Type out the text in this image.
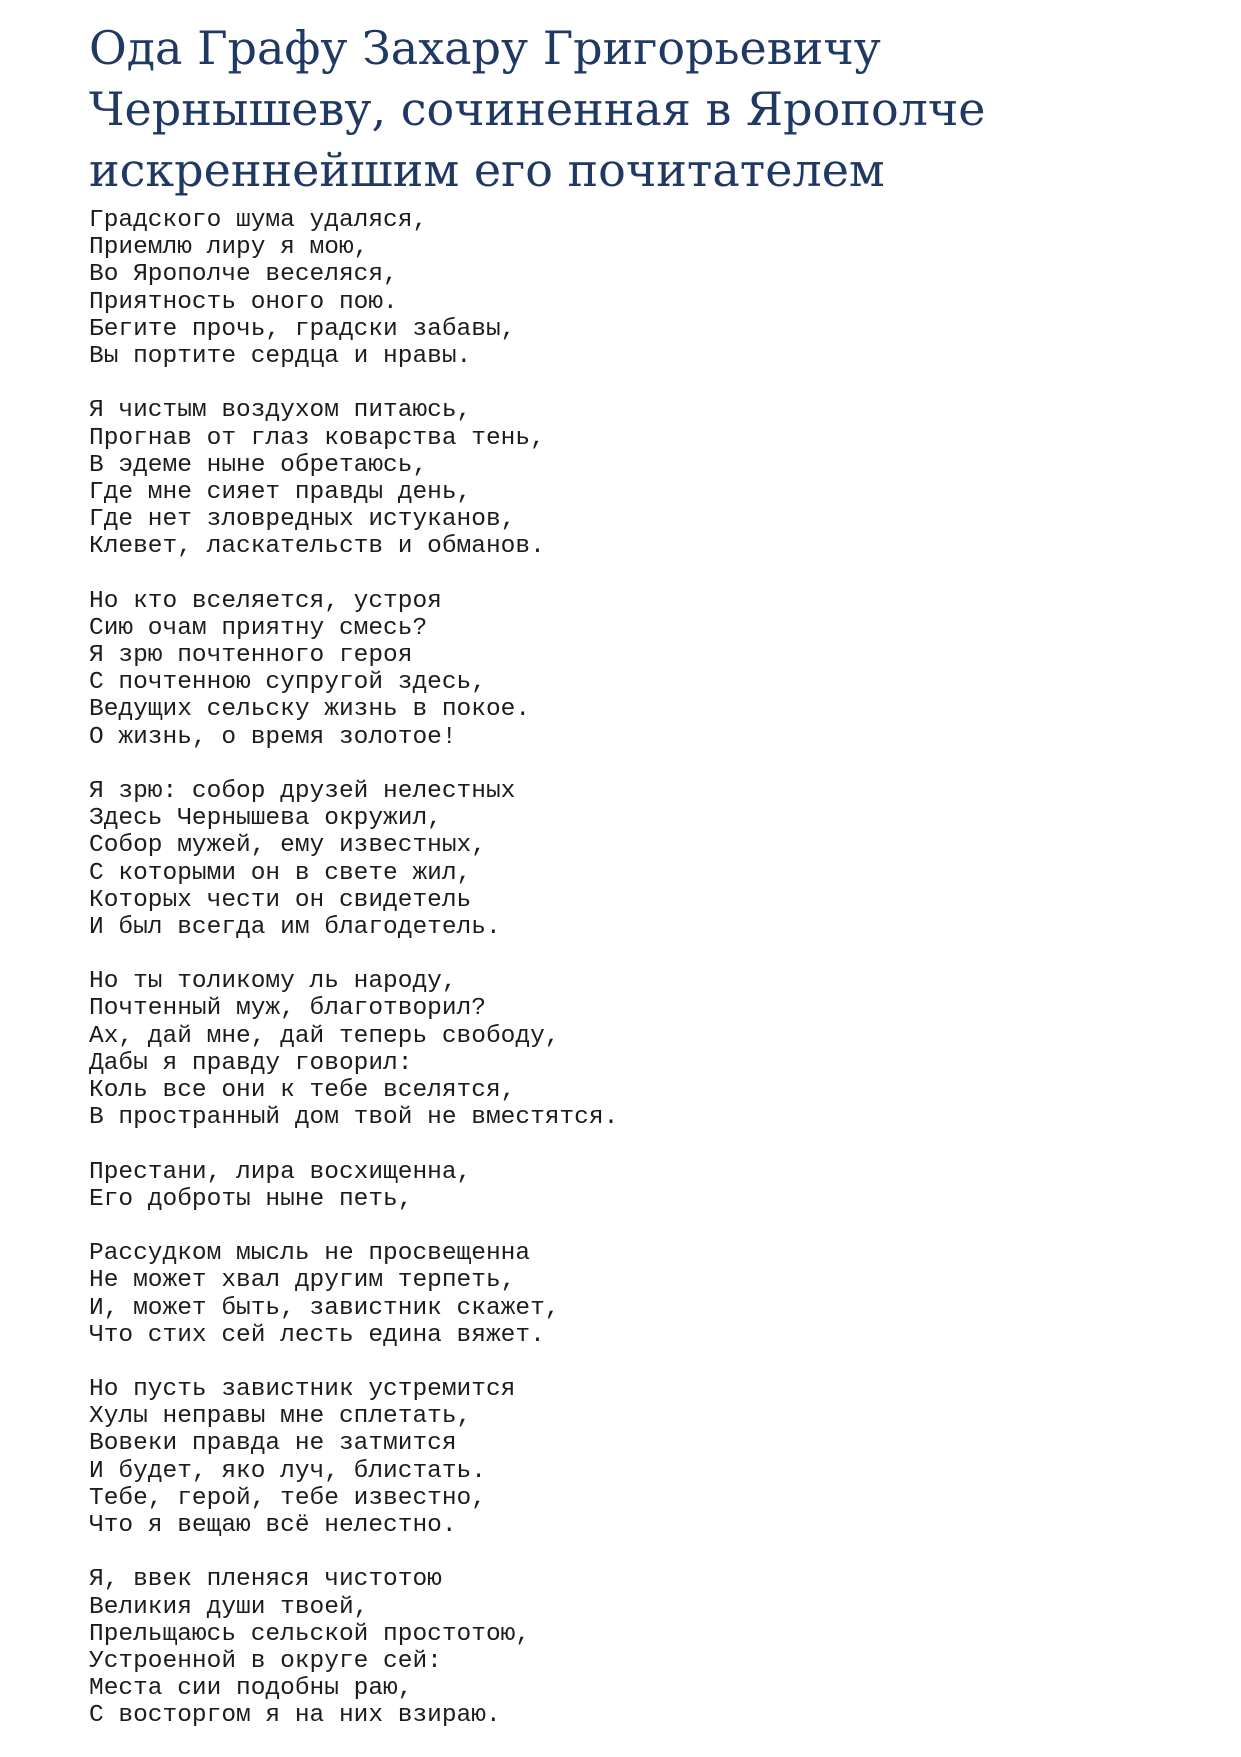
Ода Графу Захару Григорьевичу
Чернышеву, сочиненная в Ярополче
искреннейшим его почитателем
Градского шума удаляся,
Приемлю лиру я мою,
Во Ярополче веселяся,
Приятность оного пою.
Бегите прочь, градски забавы,
Вы портите сердца и нравы.
Я чистым воздухом питаюсь,
Прогнав от глаз коварства тень,
В эдеме ныне обретаюсь,
Где мне сияет правды день,
Где нет зловредных истуканов,
Клевет, ласкательств и обманов.
Но кто вселяется, устроя
Сию очам приятну смесь?
Я зрю почтенного героя
С почтенною супругой здесь,
Ведущих сельску жизнь в покое.
О жизнь, о время золотое!
Я зрю: собор друзей нелестных
Здесь Чернышева окружил,
Собор мужей, ему известных,
С которыми он в свете жил,
Которых чести он свидетель
И был всегда им благодетель.
Но ты толикому ль народу,
Почтенный муж, благотворил?
Ах, дай мне, дай теперь свободу,
Дабы я правду говорил:
Коль все они к тебе вселятся,
В пространный дом твой не вместятся.
Престани, лира восхищенна,
Его доброты ныне петь,
Рассудком мысль не просвещенна
Не может хвал другим терпеть,
И, может быть, завистник скажет,
Что стих сей лесть едина вяжет.
Но пусть завистник устремится
Хулы неправы мне сплетать,
Вовеки правда не затмится
И будет, яко луч, блистать.
Тебе, герой, тебе известно,
Что я вещаю всё нелестно.
Я, ввек пленяся чистотою
Великия души твоей,
Прельщаюсь сельской простотою,
Устроенной в округе сей:
Места сии подобны раю,
С восторгом я на них взираю.
